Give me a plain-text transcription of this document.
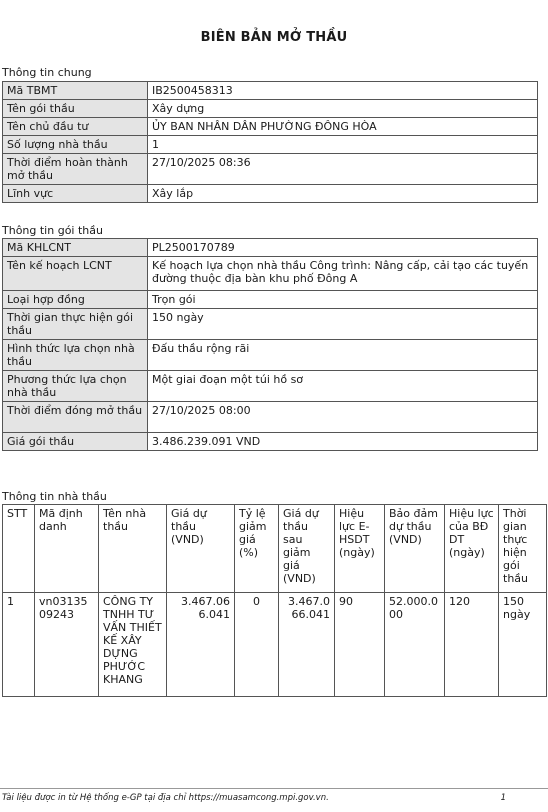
BIÊN BẢN MỞ THẦU
Thông tin chung
Mã TBMT	IB2500458313
Tên gói thầu	Xây dựng
Tên chủ đầu tư	ỦY BAN NHÂN DÂN PHƯỜNG ĐÔNG HÒA
Số lượng nhà thầu	1
Thời điểm hoàn thành mở thầu	27/10/2025 08:36
Lĩnh vực	Xây lắp
Thông tin gói thầu
Mã KHLCNT	PL2500170789
Tên kế hoạch LCNT	Kế hoạch lựa chọn nhà thầu Công trình: Nâng cấp, cải tạo các tuyến đường thuộc địa bàn khu phố Đông A
Loại hợp đồng	Trọn gói
Thời gian thực hiện gói thầu	150 ngày
Hình thức lựa chọn nhà thầu	Đấu thầu rộng rãi
Phương thức lựa chọn nhà thầu	Một giai đoạn một túi hồ sơ
Thời điểm đóng mở thầu	27/10/2025 08:00
Giá gói thầu	3.486.239.091 VND
Thông tin nhà thầu
STT	Mã định danh	Tên nhà thầu	Giá dự thầu (VND)	Tỷ lệ giảm giá (%)	Giá dự thầu sau giảm giá (VND)	Hiệu lực E-HSDT (ngày)	Bảo đảm dự thầu (VND)	Hiệu lực của BĐ DT (ngày)	Thời gian thực hiện gói thầu
1	vn0313509243	CÔNG TY TNHH TƯ VẤN THIẾT KẾ XÂY DỰNG PHƯỚC KHANG	3.467.066.041	0	3.467.066.041	90	52.000.000	120	150 ngày
Tài liệu được in từ Hệ thống e-GP tại địa chỉ https://muasamcong.mpi.gov.vn.	1
